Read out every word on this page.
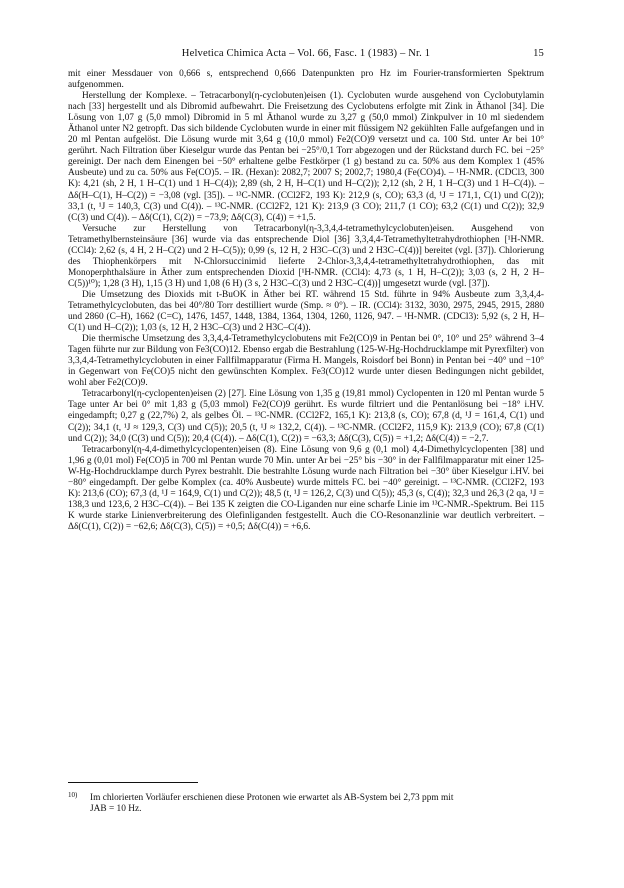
Helvetica Chimica Acta – Vol. 66, Fasc. 1 (1983) – Nr. 1	15

mit einer Messdauer von 0,666 s, entsprechend 0,666 Datenpunkten pro Hz im Fourier-transformierten Spektrum aufgenommen.

Herstellung der Komplexe. – Tetracarbonyl(η-cyclobuten)eisen (1). Cyclobuten wurde ausgehend von Cyclobutylamin nach [33] hergestellt und als Dibromid aufbewahrt. Die Freisetzung des Cyclobutens erfolgte mit Zink in Äthanol [34]. Die Lösung von 1,07 g (5,0 mmol) Dibromid in 5 ml Äthanol wurde zu 3,27 g (50,0 mmol) Zinkpulver in 10 ml siedendem Äthanol unter N2 getropft. Das sich bildende Cyclobuten wurde in einer mit flüssigem N2 gekühlten Falle aufgefangen und in 20 ml Pentan aufgelöst. Die Lösung wurde mit 3,64 g (10,0 mmol) Fe2(CO)9 versetzt und ca. 100 Std. unter Ar bei 10° gerührt. Nach Filtration über Kieselgur wurde das Pentan bei −25°/0,1 Torr abgezogen und der Rückstand durch FC. bei −25° gereinigt. Der nach dem Einengen bei −50° erhaltene gelbe Festkörper (1 g) bestand zu ca. 50% aus dem Komplex 1 (45% Ausbeute) und zu ca. 50% aus Fe(CO)5. – IR. (Hexan): 2082,7; 2007 S; 2002,7; 1980,4 (Fe(CO)4). – ¹H-NMR. (CDCl3, 300 K): 4,21 (sh, 2 H, 1 H–C(1) und 1 H–C(4)); 2,89 (sh, 2 H, H–C(1) und H–C(2)); 2,12 (sh, 2 H, 1 H–C(3) und 1 H–C(4)). – Δδ(H–C(1), H–C(2)) = −3,08 (vgl. [35]). – ¹³C-NMR. (CCl2F2, 193 K): 212,9 (s, CO); 63,3 (d, ¹J = 171,1, C(1) und C(2)); 33,1 (t, ¹J = 140,3, C(3) und C(4)). – ¹³C-NMR. (CCl2F2, 121 K): 213,9 (3 CO); 211,7 (1 CO); 63,2 (C(1) und C(2)); 32,9 (C(3) und C(4)). – Δδ(C(1), C(2)) = −73,9; Δδ(C(3), C(4)) = +1,5.

Versuche zur Herstellung von Tetracarbonyl(η-3,3,4,4-tetramethylcyclobuten)eisen. Ausgehend von Tetramethylbernsteinsäure [36] wurde via das entsprechende Diol [36] 3,3,4,4-Tetramethyltetrahydrothiophen [¹H-NMR. (CCl4): 2,62 (s, 4 H, 2 H–C(2) und 2 H–C(5)); 0,99 (s, 12 H, 2 H3C–C(3) und 2 H3C–C(4))] bereitet (vgl. [37]). Chlorierung des Thiophenkörpers mit N-Chlorsuccinimid lieferte 2-Chlor-3,3,4,4-tetramethyltetrahydrothiophen, das mit Monoperphthalsäure in Äther zum entsprechenden Dioxid [¹H-NMR. (CCl4): 4,73 (s, 1 H, H–C(2)); 3,03 (s, 2 H, 2 H–C(5))¹⁰); 1,28 (3 H), 1,15 (3 H) und 1,08 (6 H) (3 s, 2 H3C–C(3) und 2 H3C–C(4))] umgesetzt wurde (vgl. [37]).

Die Umsetzung des Dioxids mit t-BuOK in Äther bei RT. während 15 Std. führte in 94% Ausbeute zum 3,3,4,4-Tetramethylcyclobuten, das bei 40°/80 Torr destilliert wurde (Smp. ≈ 0°). – IR. (CCl4): 3132, 3030, 2975, 2945, 2915, 2880 und 2860 (C–H), 1662 (C=C), 1476, 1457, 1448, 1384, 1364, 1304, 1260, 1126, 947. – ¹H-NMR. (CDCl3): 5,92 (s, 2 H, H–C(1) und H–C(2)); 1,03 (s, 12 H, 2 H3C–C(3) und 2 H3C–C(4)).

Die thermische Umsetzung des 3,3,4,4-Tetramethylcyclobutens mit Fe2(CO)9 in Pentan bei 0°, 10° und 25° während 3–4 Tagen führte nur zur Bildung von Fe3(CO)12. Ebenso ergab die Bestrahlung (125-W-Hg-Hochdrucklampe mit Pyrexfilter) von 3,3,4,4-Tetramethylcyclobuten in einer Fallfilmapparatur (Firma H. Mangels, Roisdorf bei Bonn) in Pentan bei −40° und −10° in Gegenwart von Fe(CO)5 nicht den gewünschten Komplex. Fe3(CO)12 wurde unter diesen Bedingungen nicht gebildet, wohl aber Fe2(CO)9.

Tetracarbonyl(η-cyclopenten)eisen (2) [27]. Eine Lösung von 1,35 g (19,81 mmol) Cyclopenten in 120 ml Pentan wurde 5 Tage unter Ar bei 0° mit 1,83 g (5,03 mmol) Fe2(CO)9 gerührt. Es wurde filtriert und die Pentanlösung bei −18° i.HV. eingedampft; 0,27 g (22,7%) 2, als gelbes Öl. – ¹³C-NMR. (CCl2F2, 165,1 K): 213,8 (s, CO); 67,8 (d, ¹J = 161,4, C(1) und C(2)); 34,1 (t, ¹J ≈ 129,3, C(3) und C(5)); 20,5 (t, ¹J ≈ 132,2, C(4)). – ¹³C-NMR. (CCl2F2, 115,9 K): 213,9 (CO); 67,8 (C(1) und C(2)); 34,0 (C(3) und C(5)); 20,4 (C(4)). – Δδ(C(1), C(2)) = −63,3; Δδ(C(3), C(5)) = +1,2; Δδ(C(4)) = −2,7.

Tetracarbonyl(η-4,4-dimethylcyclopenten)eisen (8). Eine Lösung von 9,6 g (0,1 mol) 4,4-Dimethylcyclopenten [38] und 1,96 g (0,01 mol) Fe(CO)5 in 700 ml Pentan wurde 70 Min. unter Ar bei −25° bis −30° in der Fallfilmapparatur mit einer 125-W-Hg-Hochdrucklampe durch Pyrex bestrahlt. Die bestrahlte Lösung wurde nach Filtration bei −30° über Kieselgur i.HV. bei −80° eingedampft. Der gelbe Komplex (ca. 40% Ausbeute) wurde mittels FC. bei −40° gereinigt. – ¹³C-NMR. (CCl2F2, 193 K): 213,6 (CO); 67,3 (d, ¹J = 164,9, C(1) und C(2)); 48,5 (t, ¹J = 126,2, C(3) und C(5)); 45,3 (s, C(4)); 32,3 und 26,3 (2 qa, ¹J = 138,3 und 123,6, 2 H3C–C(4)). – Bei 135 K zeigten die CO-Liganden nur eine scharfe Linie im ¹³C-NMR.-Spektrum. Bei 115 K wurde starke Linienverbreiterung des Olefinliganden festgestellt. Auch die CO-Resonanzlinie war deutlich verbreitert. – Δδ(C(1), C(2)) = −62,6; Δδ(C(3), C(5)) = +0,5; Δδ(C(4)) = +6,6.

10) Im chlorierten Vorläufer erschienen diese Protonen wie erwartet als AB-System bei 2,73 ppm mit
JAB = 10 Hz.
